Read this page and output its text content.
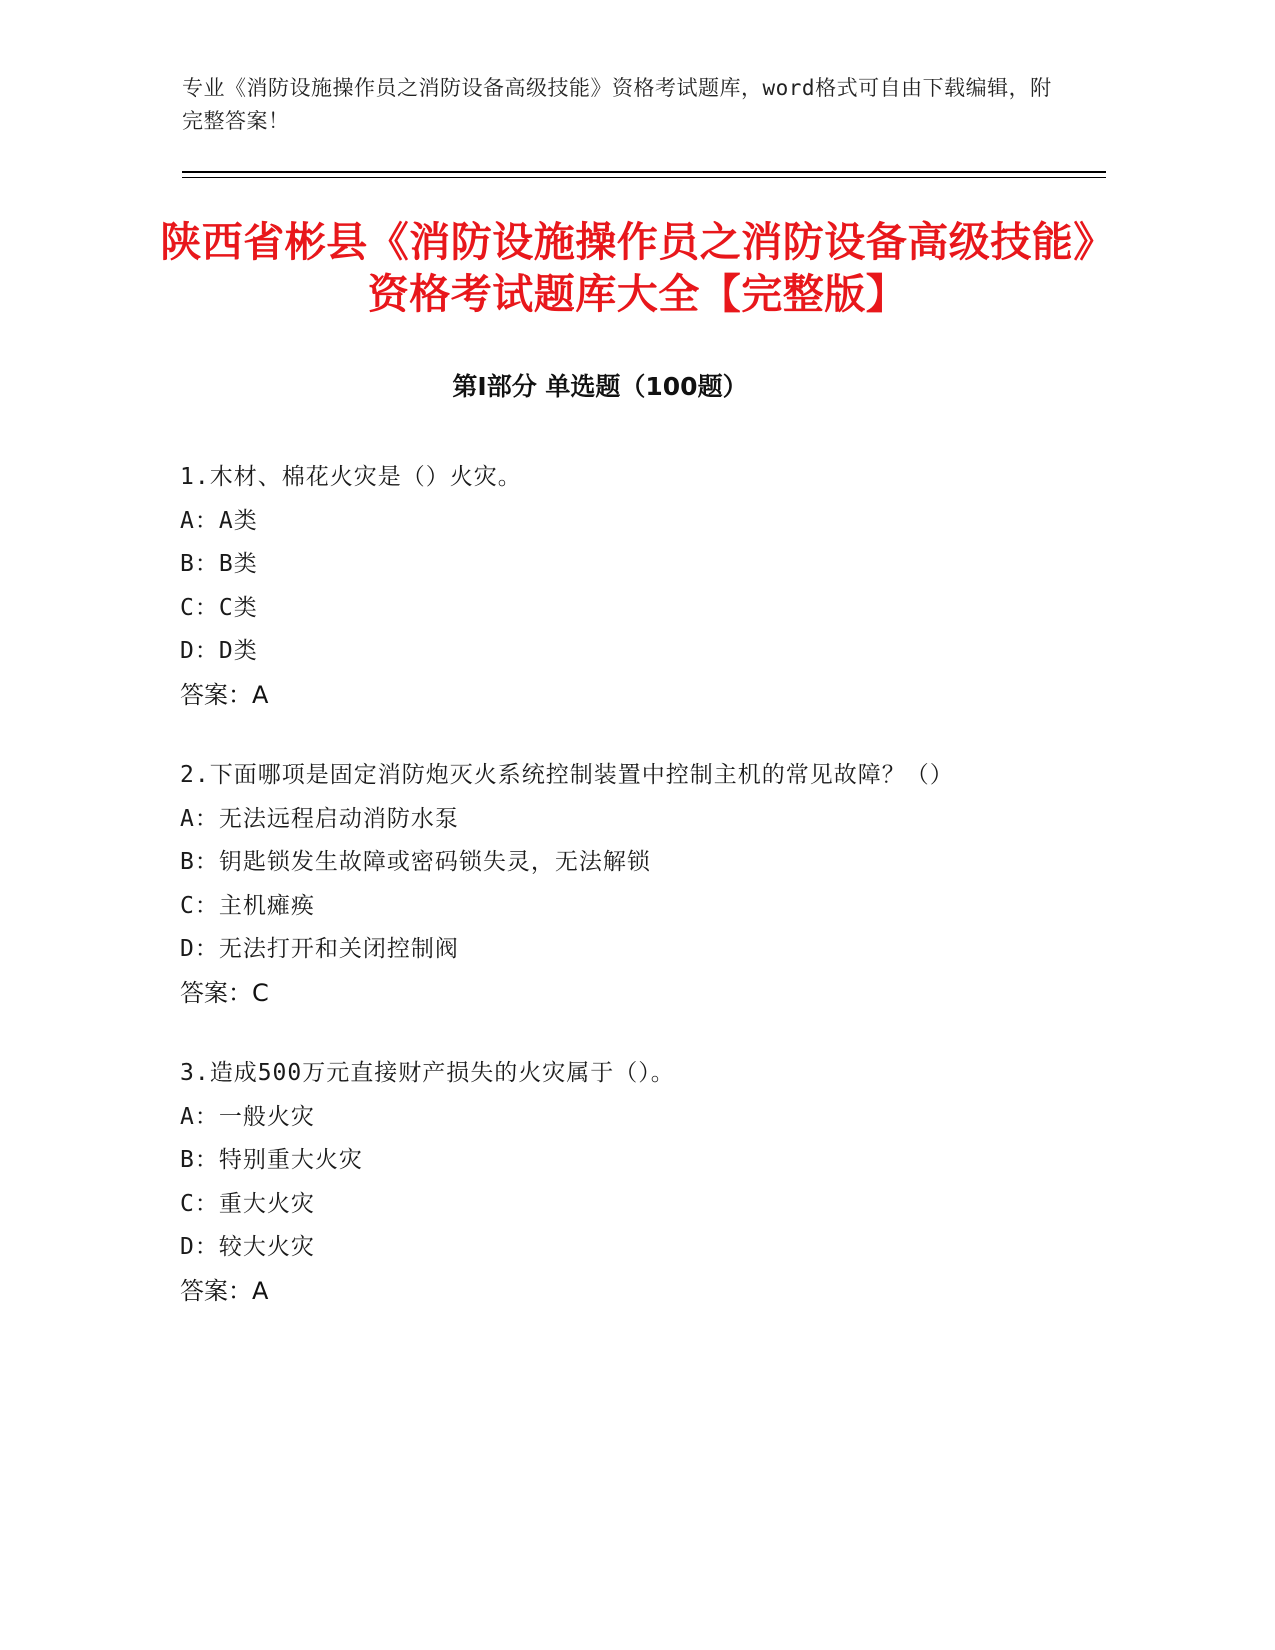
专业《消防设施操作员之消防设备高级技能》资格考试题库，word格式可自由下载编辑，附完整答案！
陕西省彬县《消防设施操作员之消防设备高级技能》资格考试题库大全【完整版】
第Ⅰ部分 单选题（100题）
1.木材、棉花火灾是（）火灾。
A：A类
B：B类
C：C类
D：D类
答案：A
2.下面哪项是固定消防炮灭火系统控制装置中控制主机的常见故障？（）
A：无法远程启动消防水泵
B：钥匙锁发生故障或密码锁失灵，无法解锁
C：主机瘫痪
D：无法打开和关闭控制阀
答案：C
3.造成500万元直接财产损失的火灾属于（）。
A：一般火灾
B：特别重大火灾
C：重大火灾
D：较大火灾
答案：A
